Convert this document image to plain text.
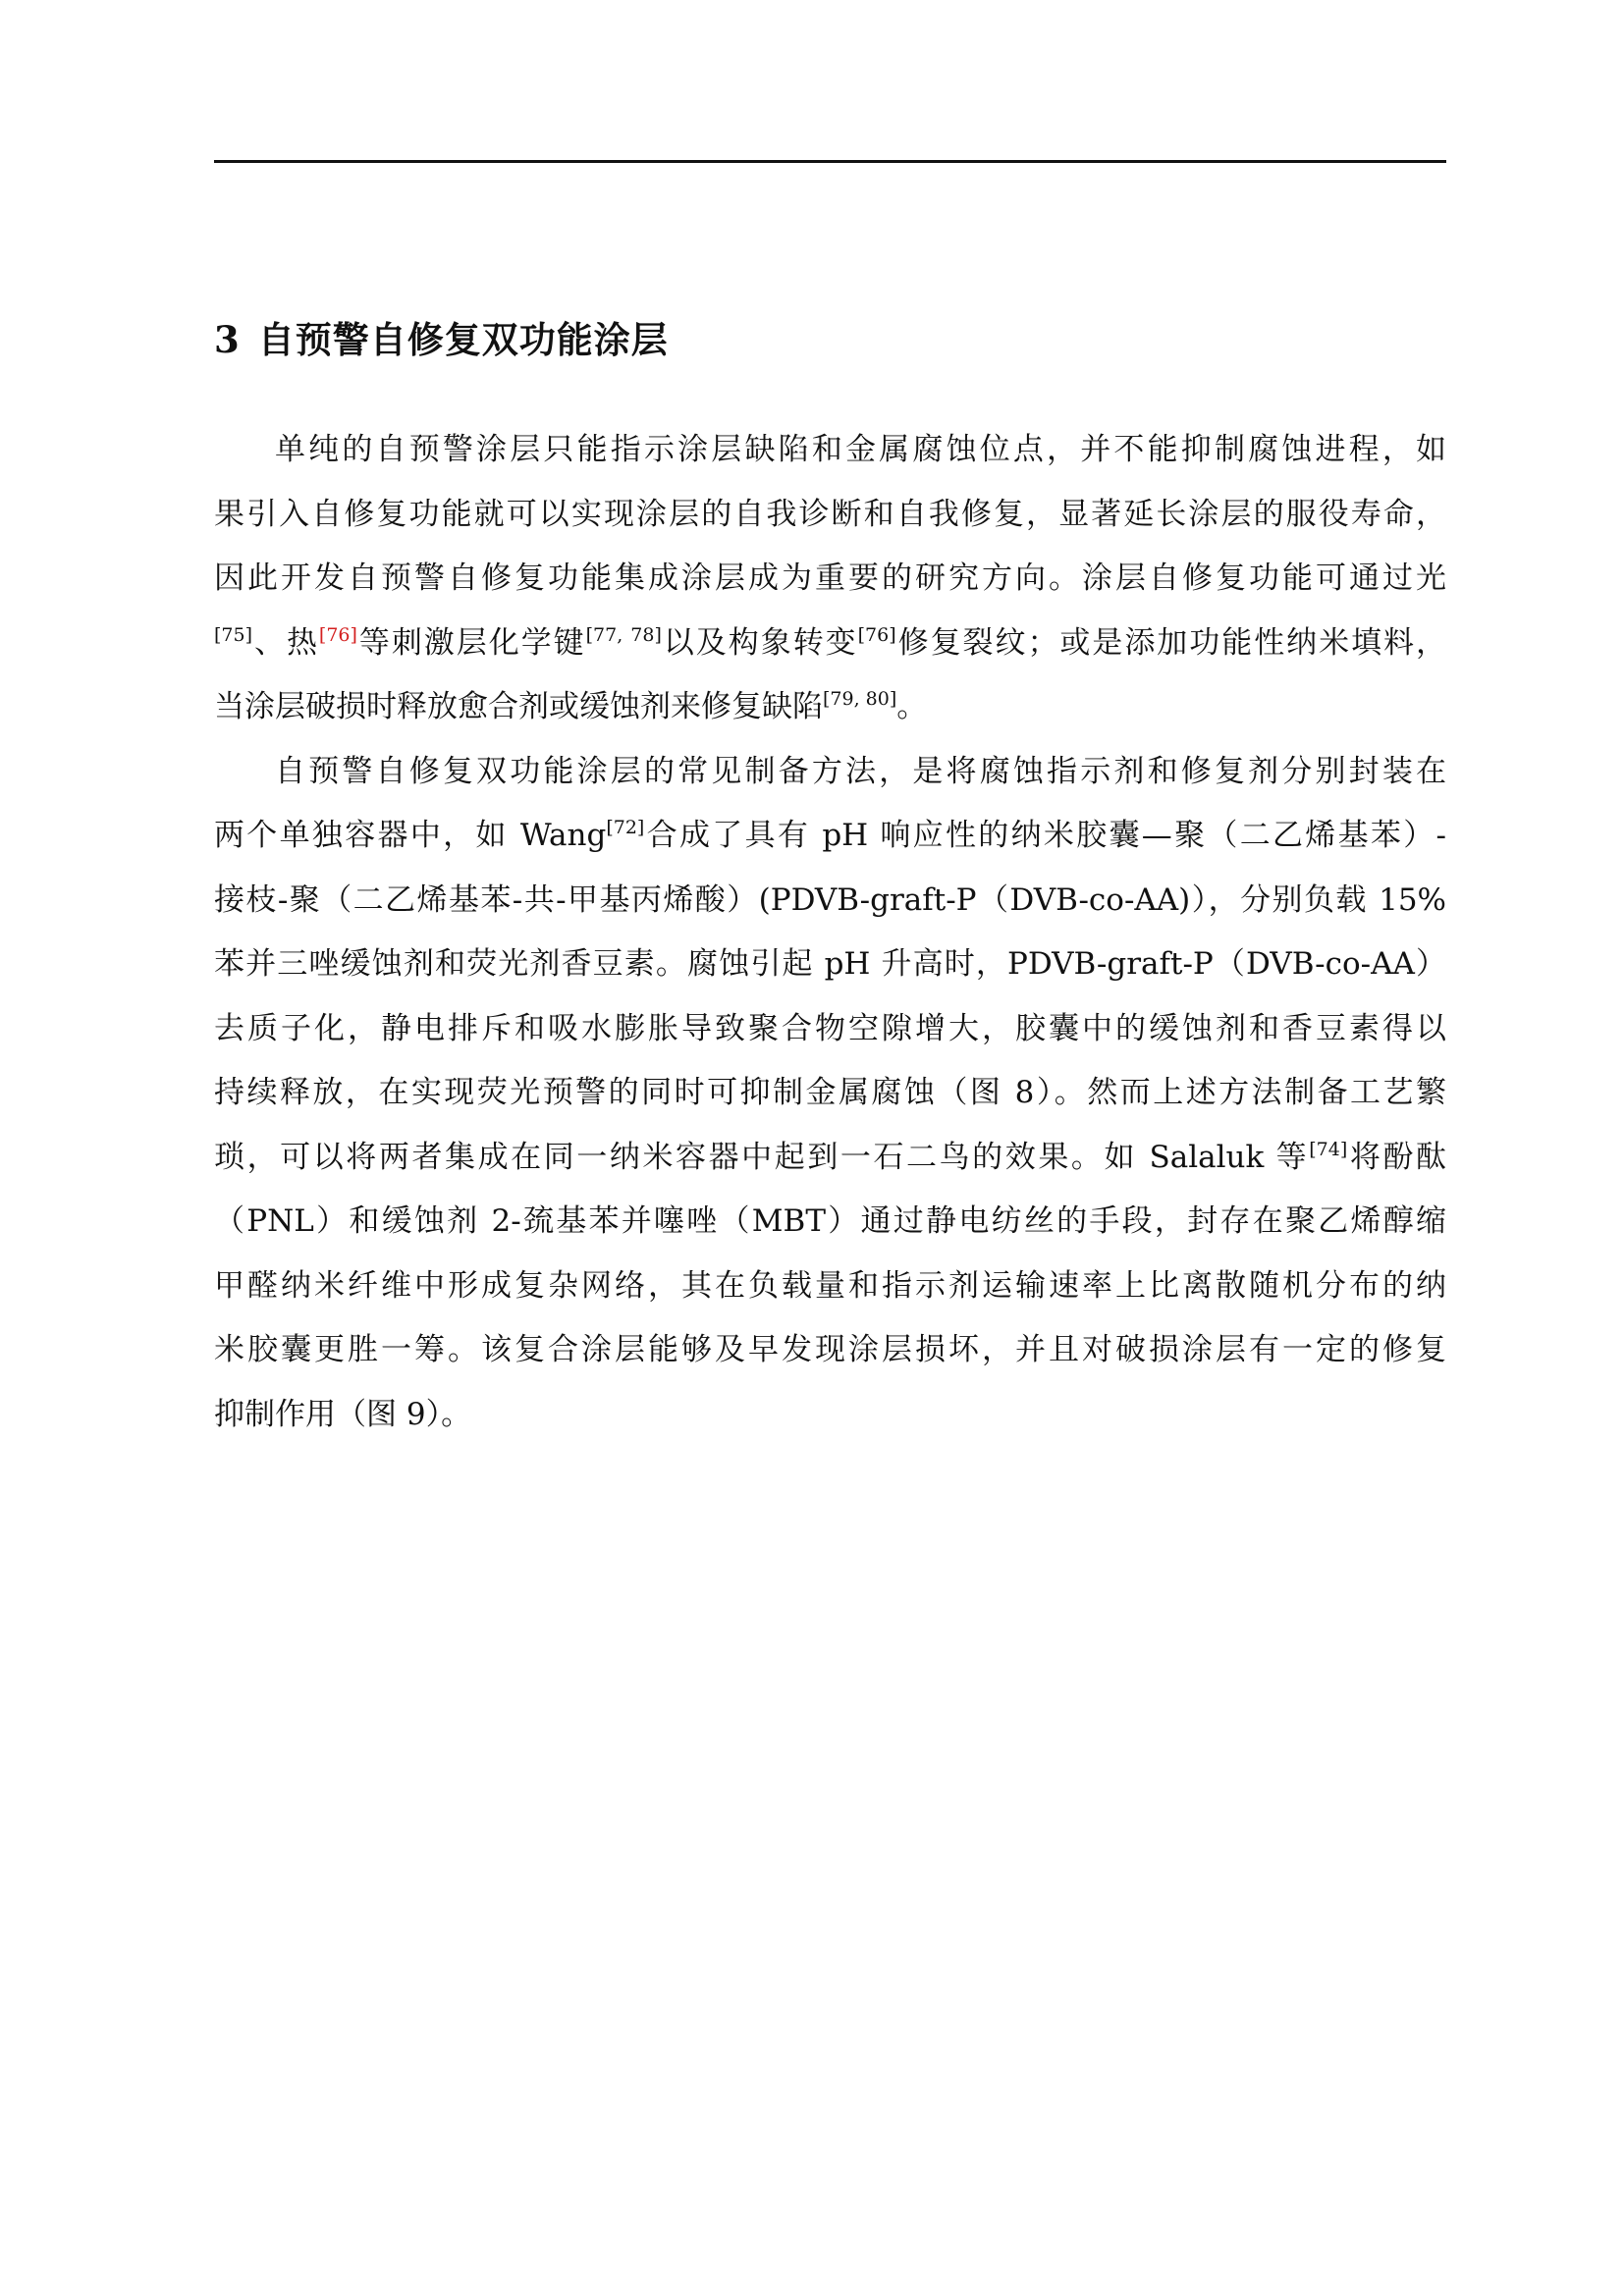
3 自预警自修复双功能涂层
单纯的自预警涂层只能指示涂层缺陷和金属腐蚀位点，并不能抑制腐蚀进程，如
果引入自修复功能就可以实现涂层的自我诊断和自我修复，显著延长涂层的服役寿命，
因此开发自预警自修复功能集成涂层成为重要的研究方向。涂层自修复功能可通过光
[75]、热[76]等刺激层化学键[77, 78]以及构象转变[76]修复裂纹；或是添加功能性纳米填料，
当涂层破损时释放愈合剂或缓蚀剂来修复缺陷[79, 80]。
自预警自修复双功能涂层的常见制备方法，是将腐蚀指示剂和修复剂分别封装在
两个单独容器中，如 Wang[72]合成了具有 pH 响应性的纳米胶囊—聚（二乙烯基苯）-
接枝-聚（二乙烯基苯-共-甲基丙烯酸）(PDVB-graft-P（DVB-co-AA)），分别负载 15%
苯并三唑缓蚀剂和荧光剂香豆素。腐蚀引起 pH 升高时，PDVB-graft-P（DVB-co-AA）
去质子化，静电排斥和吸水膨胀导致聚合物空隙增大，胶囊中的缓蚀剂和香豆素得以
持续释放，在实现荧光预警的同时可抑制金属腐蚀（图 8）。然而上述方法制备工艺繁
琐，可以将两者集成在同一纳米容器中起到一石二鸟的效果。如 Salaluk 等[74]将酚酞
（PNL）和缓蚀剂 2-巯基苯并噻唑（MBT）通过静电纺丝的手段，封存在聚乙烯醇缩
甲醛纳米纤维中形成复杂网络，其在负载量和指示剂运输速率上比离散随机分布的纳
米胶囊更胜一筹。该复合涂层能够及早发现涂层损坏，并且对破损涂层有一定的修复
抑制作用（图 9）。
